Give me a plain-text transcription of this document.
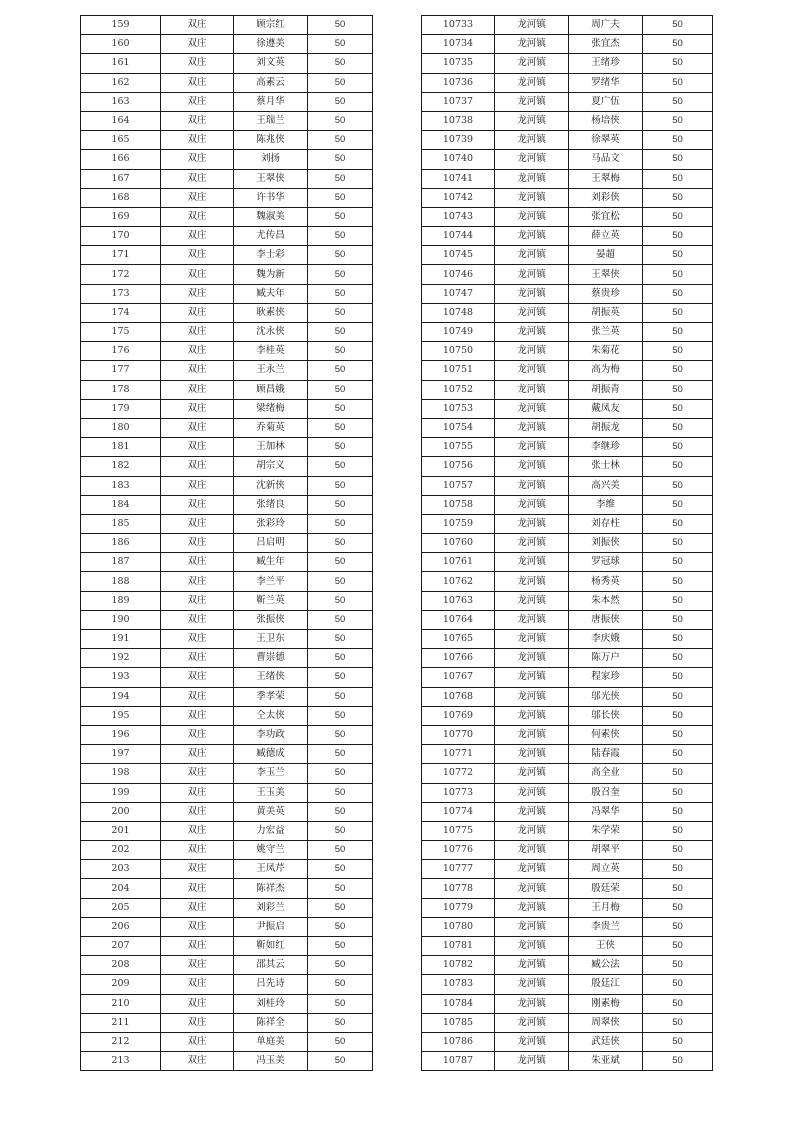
159	双庄	顾宗红	50
160	双庄	徐遵美	50
161	双庄	刘文英	50
162	双庄	高素云	50
163	双庄	蔡月华	50
164	双庄	王瑞兰	50
165	双庄	陈兆侠	50
166	双庄	刘扬	50
167	双庄	王翠侠	50
168	双庄	许书华	50
169	双庄	魏淑美	50
170	双庄	尤传昌	50
171	双庄	李士彩	50
172	双庄	魏为新	50
173	双庄	臧夫年	50
174	双庄	耿素侠	50
175	双庄	沈永侠	50
176	双庄	李桂英	50
177	双庄	王永兰	50
178	双庄	顾昌娥	50
179	双庄	梁绪梅	50
180	双庄	乔菊英	50
181	双庄	王加林	50
182	双庄	胡宗义	50
183	双庄	沈新侠	50
184	双庄	张绪良	50
185	双庄	张彩玲	50
186	双庄	吕启明	50
187	双庄	臧生年	50
188	双庄	李兰平	50
189	双庄	靳兰英	50
190	双庄	张振侠	50
191	双庄	王卫东	50
192	双庄	曹崇德	50
193	双庄	王绪侠	50
194	双庄	季孝荣	50
195	双庄	仝太侠	50
196	双庄	李功政	50
197	双庄	臧德成	50
198	双庄	李玉兰	50
199	双庄	王玉美	50
200	双庄	黄美英	50
201	双庄	力宏益	50
202	双庄	姚守兰	50
203	双庄	王凤芹	50
204	双庄	陈祥杰	50
205	双庄	刘彩兰	50
206	双庄	尹振启	50
207	双庄	靳如红	50
208	双庄	邵其云	50
209	双庄	吕先诗	50
210	双庄	刘桂玲	50
211	双庄	陈祥全	50
212	双庄	单庭美	50
213	双庄	冯玉美	50
10733	龙河镇	周广夫	50
10734	龙河镇	张宜杰	50
10735	龙河镇	王绪珍	50
10736	龙河镇	罗绪华	50
10737	龙河镇	夏广伍	50
10738	龙河镇	杨培侠	50
10739	龙河镇	徐翠英	50
10740	龙河镇	马品文	50
10741	龙河镇	王翠梅	50
10742	龙河镇	刘彩侠	50
10743	龙河镇	张宜松	50
10744	龙河镇	薛立英	50
10745	龙河镇	晏超	50
10746	龙河镇	王翠侠	50
10747	龙河镇	蔡贵珍	50
10748	龙河镇	胡振英	50
10749	龙河镇	张兰英	50
10750	龙河镇	朱菊花	50
10751	龙河镇	高为梅	50
10752	龙河镇	胡振青	50
10753	龙河镇	戴凤友	50
10754	龙河镇	胡振龙	50
10755	龙河镇	李继珍	50
10756	龙河镇	张士林	50
10757	龙河镇	高兴美	50
10758	龙河镇	李维	50
10759	龙河镇	刘存柱	50
10760	龙河镇	刘振侠	50
10761	龙河镇	罗冠球	50
10762	龙河镇	杨秀英	50
10763	龙河镇	朱本然	50
10764	龙河镇	唐振侠	50
10765	龙河镇	李庆娥	50
10766	龙河镇	陈万户	50
10767	龙河镇	程家珍	50
10768	龙河镇	邬光侠	50
10769	龙河镇	邬长侠	50
10770	龙河镇	何素侠	50
10771	龙河镇	陆春霞	50
10772	龙河镇	高全业	50
10773	龙河镇	殷召奎	50
10774	龙河镇	冯翠华	50
10775	龙河镇	朱学荣	50
10776	龙河镇	胡翠平	50
10777	龙河镇	周立英	50
10778	龙河镇	殷廷荣	50
10779	龙河镇	王月梅	50
10780	龙河镇	李贵兰	50
10781	龙河镇	王侠	50
10782	龙河镇	臧公法	50
10783	龙河镇	殷廷江	50
10784	龙河镇	刚素梅	50
10785	龙河镇	周翠侠	50
10786	龙河镇	武廷侠	50
10787	龙河镇	朱亚斌	50
